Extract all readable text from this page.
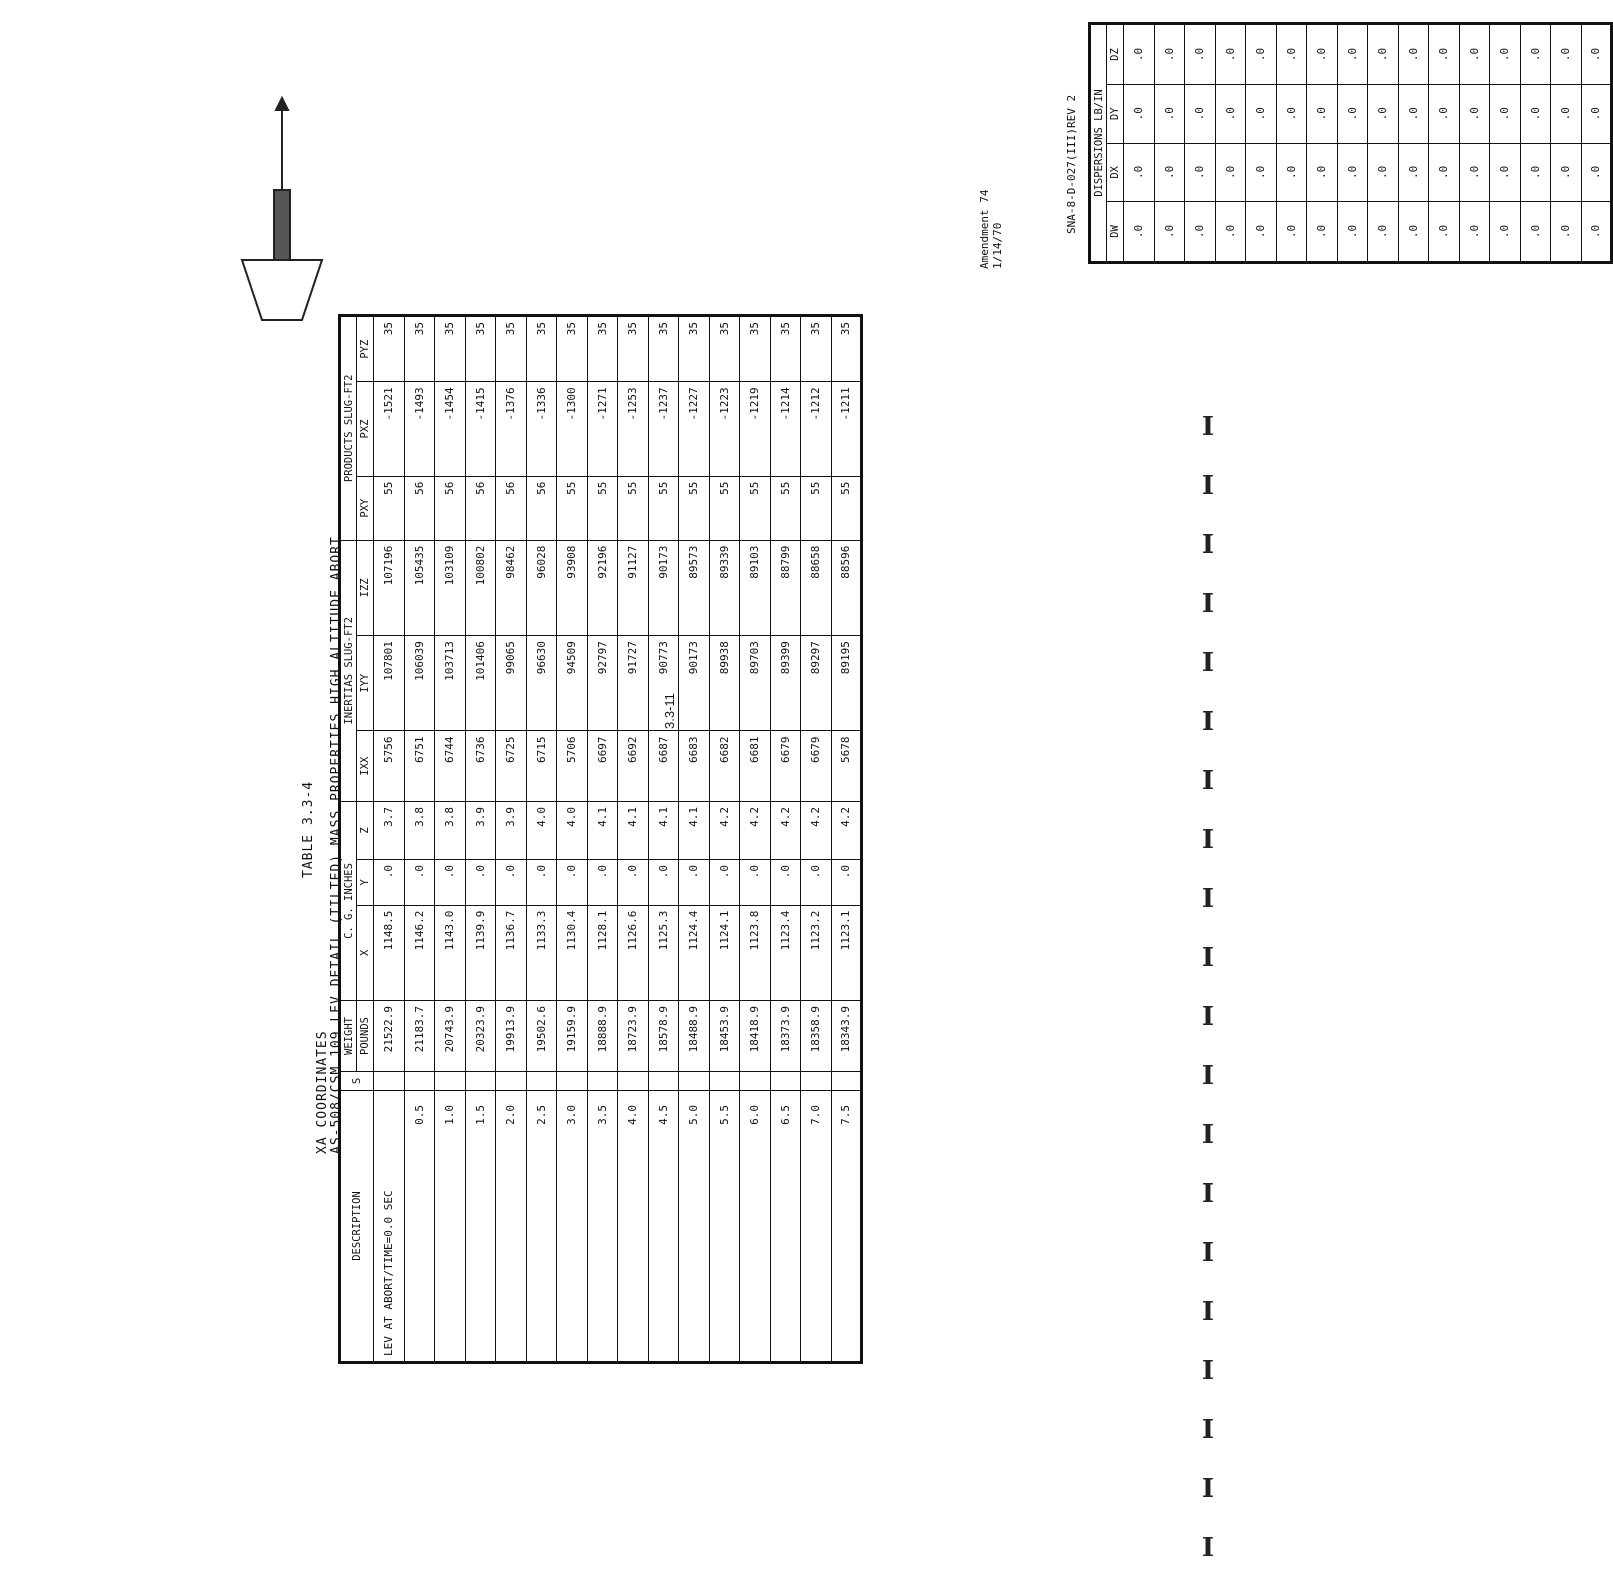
TABLE 3.3-4
XA COORDINATES AS-508/CSM 109 LEV DETAIL (TILTED) MASS PROPERTIES HIGH ALTITUDE ABORT
DESCRIPTION	S	WEIGHT	C. G. INCHES			INERTIAS SLUG-FT2			PRODUCTS SLUG-FT2		
		POUNDS	X	Y	Z	IXX	IYY	IZZ	PXY	PXZ	PYZ
LEV AT ABORT/TIME=0.0 SEC		21522.9	1148.5	.0	3.7	5756	107801	107196	55	-1521	35
0.5		21183.7	1146.2	.0	3.8	6751	106039	105435	56	-1493	35
1.0		20743.9	1143.0	.0	3.8	6744	103713	103109	56	-1454	35
1.5		20323.9	1139.9	.0	3.9	6736	101406	100802	56	-1415	35
2.0		19913.9	1136.7	.0	3.9	6725	99065	98462	56	-1376	35
2.5		19502.6	1133.3	.0	4.0	6715	96630	96028	56	-1336	35
3.0		19159.9	1130.4	.0	4.0	5706	94509	93908	55	-1300	35
3.5		18888.9	1128.1	.0	4.1	6697	92797	92196	55	-1271	35
4.0		18723.9	1126.6	.0	4.1	6692	91727	91127	55	-1253	35
4.5		18578.9	1125.3	.0	4.1	6687	90773	90173	55	-1237	35
5.0		18488.9	1124.4	.0	4.1	6683	90173	89573	55	-1227	35
5.5		18453.9	1124.1	.0	4.2	6682	89938	89339	55	-1223	35
6.0		18418.9	1123.8	.0	4.2	6681	89703	89103	55	-1219	35
6.5		18373.9	1123.4	.0	4.2	6679	89399	88799	55	-1214	35
7.0		18358.9	1123.2	.0	4.2	6679	89297	88658	55	-1212	35
7.5		18343.9	1123.1	.0	4.2	5678	89195	88596	55	-1211	35
Amendment 74 1/14/70
DISPERSIONS LB/IN			
DW	DX	DY	DZ
.0	.0	.0	.0
.0	.0	.0	.0
.0	.0	.0	.0
.0	.0	.0	.0
.0	.0	.0	.0
.0	.0	.0	.0
.0	.0	.0	.0
.0	.0	.0	.0
.0	.0	.0	.0
.0	.0	.0	.0
.0	.0	.0	.0
.0	.0	.0	.0
.0	.0	.0	.0
.0	.0	.0	.0
.0	.0	.0	.0
.0	.0	.0	.0
SNA-8-D-027(III)REV 2
3.3-11
I
I
I
I
I
I
I
I
I
I
I
I
I
I
I
I
I
I
I
I
